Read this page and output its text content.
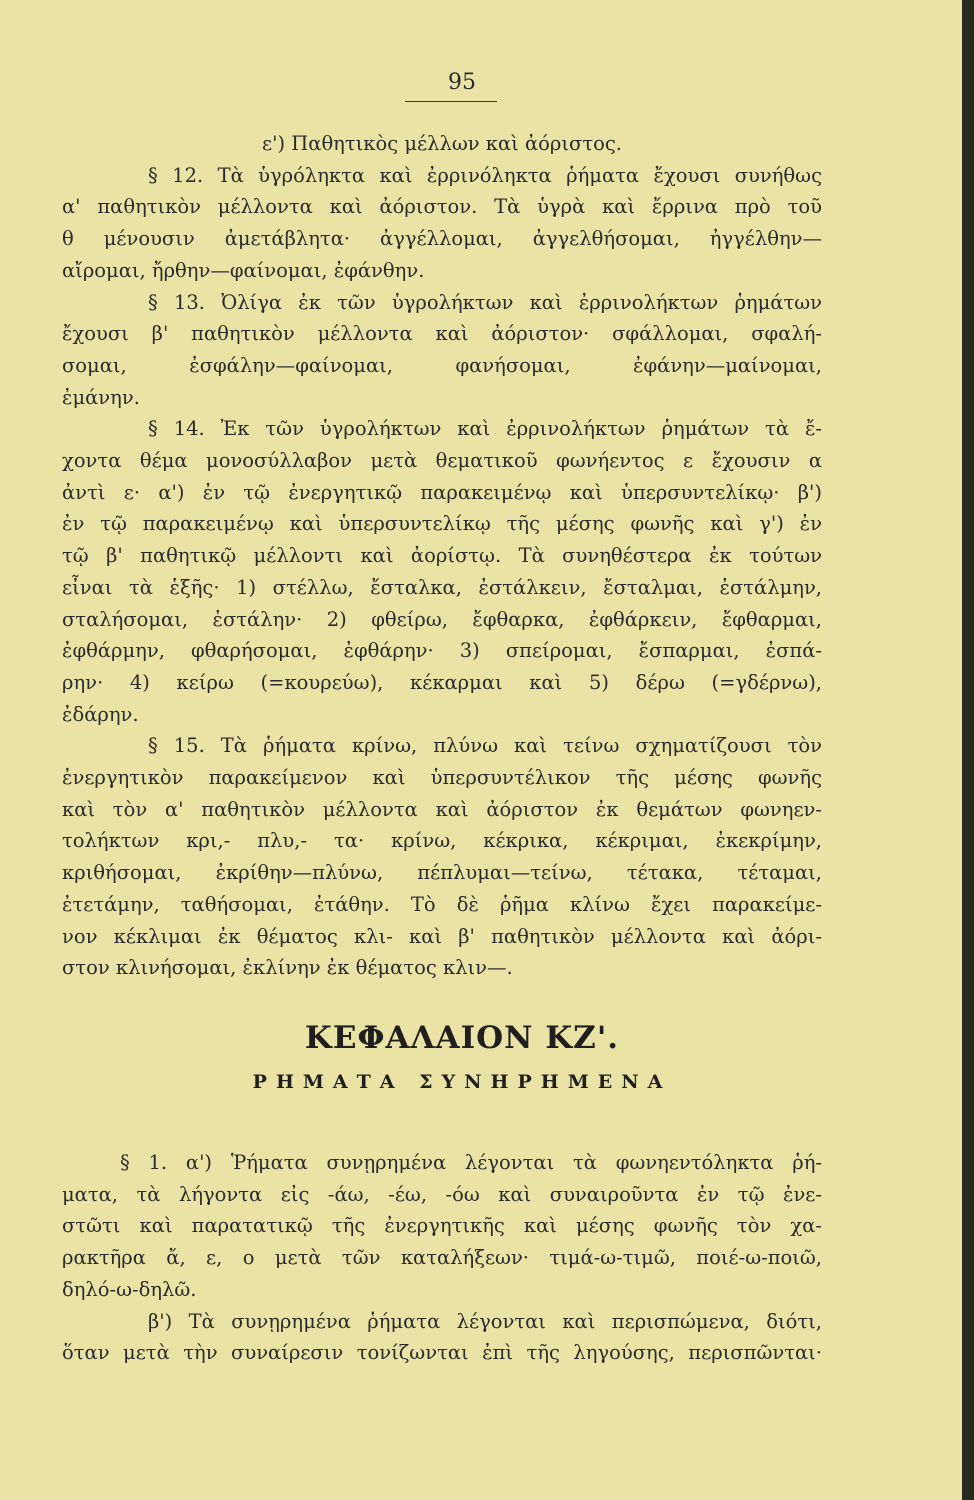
95
ε') Παθητικὸς μέλλων καὶ ἀόριστος.
§ 12. Τὰ ὑγρόληκτα καὶ ἐρρινόληκτα ῥήματα ἔχουσι συνήθως
α' παθητικὸν μέλλοντα καὶ ἀόριστον. Τὰ ὑγρὰ καὶ ἔρρινα πρὸ τοῦ
θ μένουσιν ἀμετάβλητα· ἀγγέλλομαι, ἀγγελθήσομαι, ἠγγέλθην—
αἴρομαι, ἤρθην—φαίνομαι, ἐφάνθην.
§ 13. Ὀλίγα ἐκ τῶν ὑγρολήκτων καὶ ἐρρινολήκτων ῥημάτων
ἔχουσι β' παθητικὸν μέλλοντα καὶ ἀόριστον· σφάλλομαι, σφαλή-
σομαι, ἐσφάλην—φαίνομαι, φανήσομαι, ἐφάνην—μαίνομαι,
ἐμάνην.
§ 14. Ἐκ τῶν ὑγρολήκτων καὶ ἐρρινολήκτων ῥημάτων τὰ ἔ-
χοντα θέμα μονοσύλλαβον μετὰ θεματικοῦ φωνήεντος ε ἔχουσιν α
ἀντὶ ε· α') ἐν τῷ ἐνεργητικῷ παρακειμένῳ καὶ ὑπερσυντελίκῳ· β')
ἐν τῷ παρακειμένῳ καὶ ὑπερσυντελίκῳ τῆς μέσης φωνῆς καὶ γ') ἐν
τῷ β' παθητικῷ μέλλοντι καὶ ἀορίστῳ. Τὰ συνηθέστερα ἐκ τούτων
εἶναι τὰ ἑξῆς· 1) στέλλω, ἔσταλκα, ἐστάλκειν, ἔσταλμαι, ἐστάλμην,
σταλήσομαι, ἐστάλην· 2) φθείρω, ἔφθαρκα, ἐφθάρκειν, ἔφθαρμαι,
ἐφθάρμην, φθαρήσομαι, ἐφθάρην· 3) σπείρομαι, ἔσπαρμαι, ἐσπά-
ρην· 4) κείρω (=κουρεύω), κέκαρμαι καὶ 5) δέρω (=γδέρνω),
ἐδάρην.
§ 15. Τὰ ῥήματα κρίνω, πλύνω καὶ τείνω σχηματίζουσι τὸν
ἐνεργητικὸν παρακείμενον καὶ ὑπερσυντέλικον τῆς μέσης φωνῆς
καὶ τὸν α' παθητικὸν μέλλοντα καὶ ἀόριστον ἐκ θεμάτων φωνηεν-
τολήκτων κρι,- πλυ,- τα· κρίνω, κέκρικα, κέκριμαι, ἐκεκρίμην,
κριθήσομαι, ἐκρίθην—πλύνω, πέπλυμαι—τείνω, τέτακα, τέταμαι,
ἐτετάμην, ταθήσομαι, ἐτάθην. Τὸ δὲ ῥῆμα κλίνω ἔχει παρακείμε-
νον κέκλιμαι ἐκ θέματος κλι- καὶ β' παθητικὸν μέλλοντα καὶ ἀόρι-
στον κλινήσομαι, ἐκλίνην ἐκ θέματος κλιν—.
ΚΕΦΑΛΑΙΟΝ ΚΖ'.
ΡΗΜΑΤΑ ΣΥΝΗΡΗΜΕΝΑ
§ 1. α') Ῥήματα συνῃρημένα λέγονται τὰ φωνηεντόληκτα ῥή-
ματα, τὰ λήγοντα εἰς -άω, -έω, -όω καὶ συναιροῦντα ἐν τῷ ἐνε-
στῶτι καὶ παρατατικῷ τῆς ἐνεργητικῆς καὶ μέσης φωνῆς τὸν χα-
ρακτῆρα ἄ, ε, ο μετὰ τῶν καταλήξεων· τιμά-ω-τιμῶ, ποιέ-ω-ποιῶ,
δηλό-ω-δηλῶ.
β') Τὰ συνῃρημένα ῥήματα λέγονται καὶ περισπώμενα, διότι,
ὅταν μετὰ τὴν συναίρεσιν τονίζωνται ἐπὶ τῆς ληγούσης, περισπῶνται·
